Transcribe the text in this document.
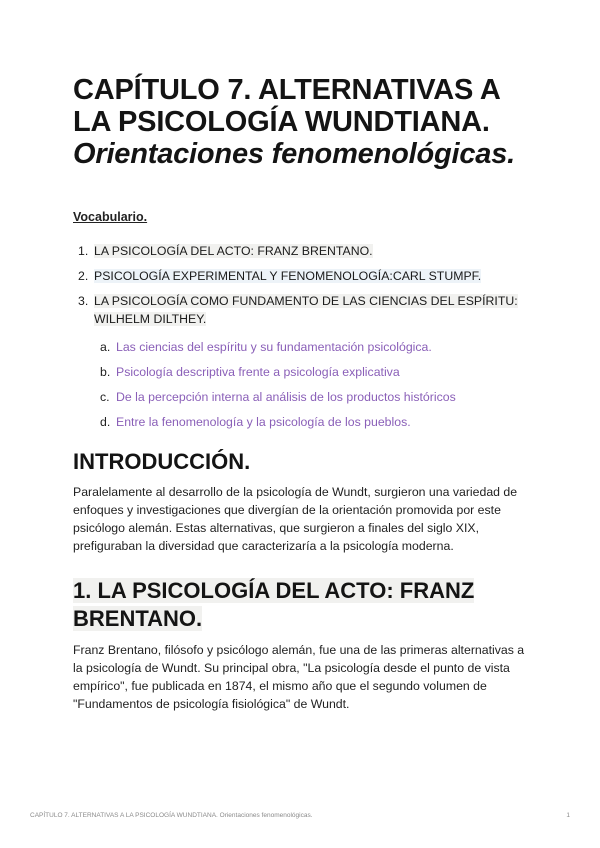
CAPÍTULO 7. ALTERNATIVAS A LA PSICOLOGÍA WUNDTIANA.
Orientaciones fenomenológicas.
Vocabulario.
1. LA PSICOLOGÍA DEL ACTO: FRANZ BRENTANO.
2. PSICOLOGÍA EXPERIMENTAL Y FENOMENOLOGÍA:CARL STUMPF.
3. LA PSICOLOGÍA COMO FUNDAMENTO DE LAS CIENCIAS DEL ESPÍRITU: WILHELM DILTHEY.
a. Las ciencias del espíritu y su fundamentación psicológica.
b. Psicología descriptiva frente a psicología explicativa
c. De la percepción interna al análisis de los productos históricos
d. Entre la fenomenología y la psicología de los pueblos.
INTRODUCCIÓN.

Paralelamente al desarrollo de la psicología de Wundt, surgieron una variedad de enfoques y investigaciones que divergían de la orientación promovida por este psicólogo alemán. Estas alternativas, que surgieron a finales del siglo XIX, prefiguraban la diversidad que caracterizaría a la psicología moderna.

1. LA PSICOLOGÍA DEL ACTO: FRANZ BRENTANO.

Franz Brentano, filósofo y psicólogo alemán, fue una de las primeras alternativas a la psicología de Wundt. Su principal obra, "La psicología desde el punto de vista empírico", fue publicada en 1874, el mismo año que el segundo volumen de "Fundamentos de psicología fisiológica" de Wundt.

CAPÍTULO 7. ALTERNATIVAS A LA PSICOLOGÍA WUNDTIANA. Orientaciones fenomenológicas.	1
